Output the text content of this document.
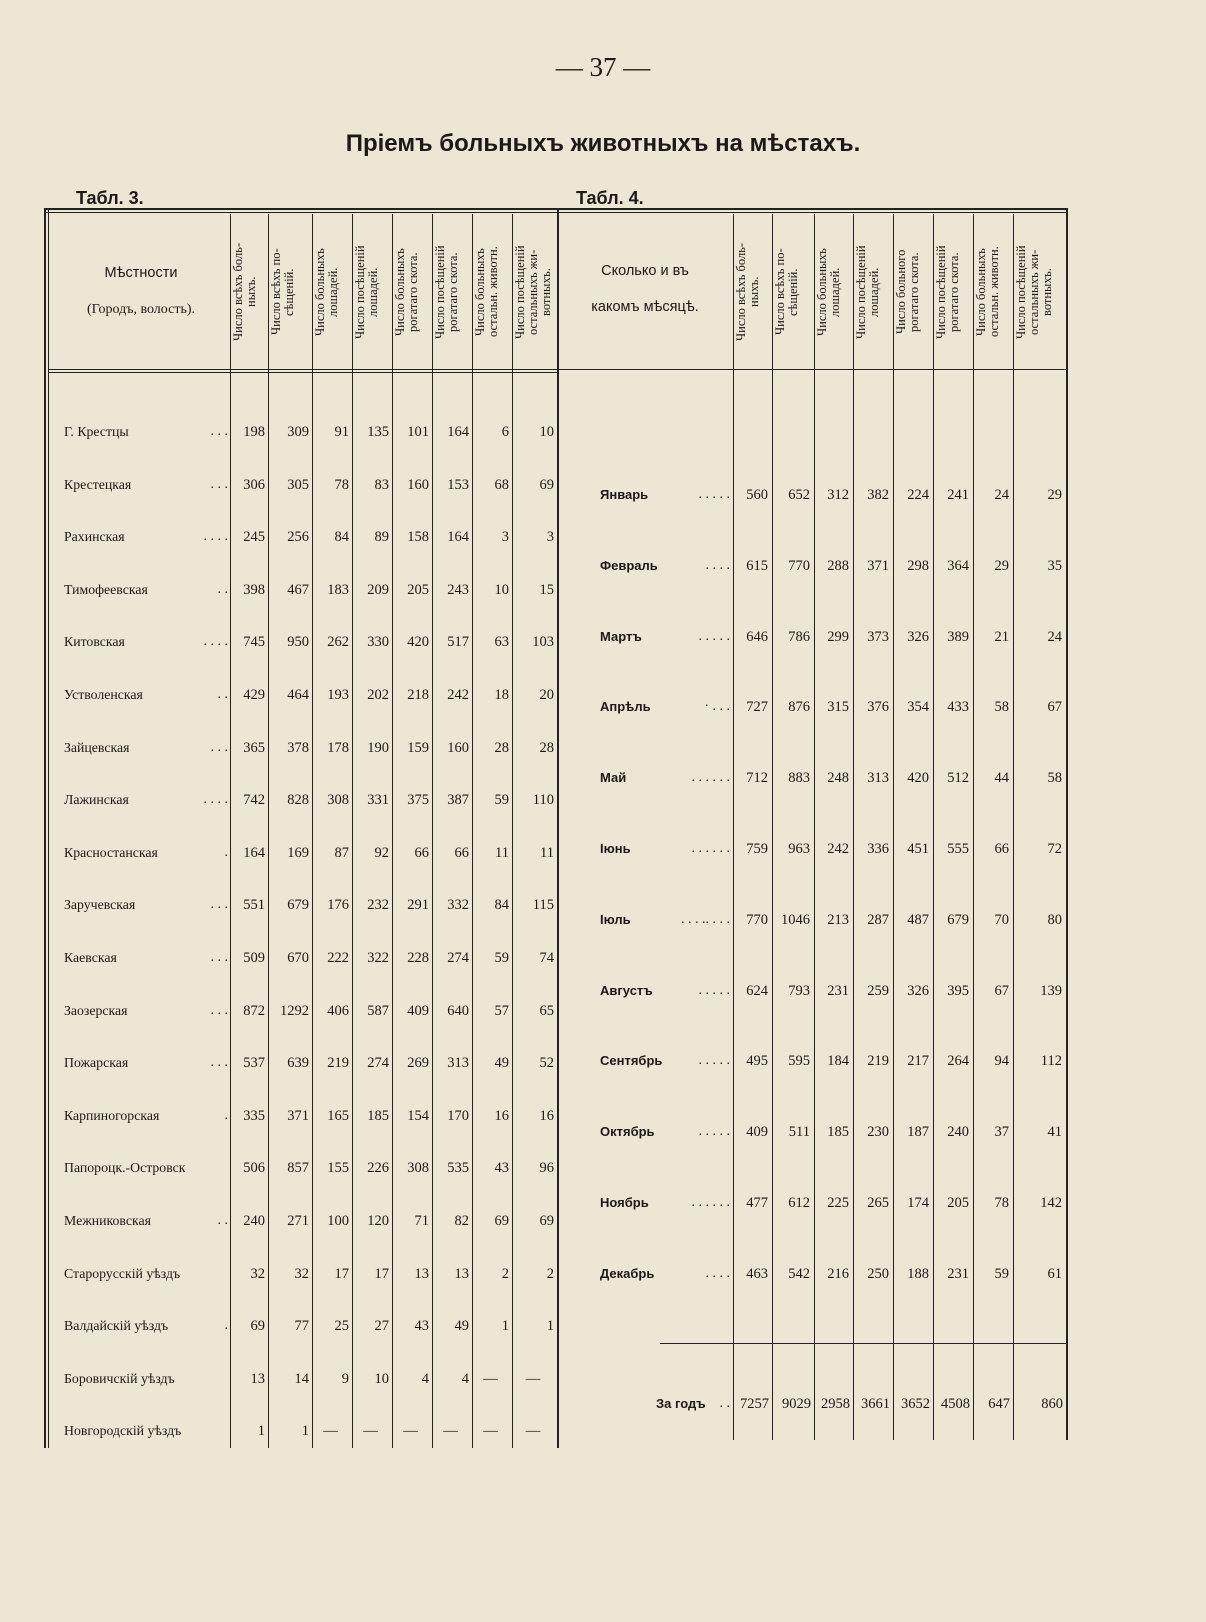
— 37 —
Пріемъ больныхъ животныхъ на мѣстахъ.
Табл. 3.	Табл. 4.
Мѣстности
(Городъ, волость).	Число всѣхъ боль-
ныхъ.
Число всѣхъ по-
сѣщеній.
Число больныхъ
лошадей.
Число посѣщеній
лошадей.
Число больныхъ
рогатаго скота.
Число посѣщеній
рогатаго скота.
Число больныхъ
остальн. животн.
Число посѣщеній
остальныхъ жи-
вотныхъ.
Г. Крестцы	. . .	198	309	91	135	101	164	6	10
Крестецкая	. . .	306	305	78	83	160	153	68	69
Рахинская	. . . .	245	256	84	89	158	164	3	3
Тимофеевская	. .	398	467	183	209	205	243	10	15
Китовская	. . . .	745	950	262	330	420	517	63	103
Устволенская	. .	429	464	193	202	218	242	18	20
Зайцевская	. . .	365	378	178	190	159	160	28	28
Лажинская	. . . .	742	828	308	331	375	387	59	110
Красностанская	.	164	169	87	92	66	66	11	11
Заручевская	. . .	551	679	176	232	291	332	84	115
Каевская	. . .	509	670	222	322	228	274	59	74
Заозерская	. . .	872	1292	406	587	409	640	57	65
Пожарская	. . .	537	639	219	274	269	313	49	52
Карпиногорская	.	335	371	165	185	154	170	16	16
Папороцк.-Островск	506	857	155	226	308	535	43	96
Межниковская	. .	240	271	100	120	71	82	69	69
Старорусскій уѣздъ	32	32	17	17	13	13	2	2
Валдайскій уѣздъ	.	69	77	25	27	43	49	1	1
Боровичскій уѣздъ	13	14	9	10	4	4 —	—
Новгородскій уѣздъ	1	1 —	—	—	—	—	—
Сколько и въ
какомъ мѣсяцѣ.
Число всѣхъ боль-
ныхъ.
Число всѣхъ по-
сѣщеній.
Число больныхъ
лошадей.
Число посѣщеній
лошадей.
Число больного
рогатаго скота.
Число посѣщеній
рогатаго скота.
Число больныхъ
остальн. животн.
Число посѣщеній
остальныхъ жи-
вотныхъ.
Январь	. . . . .	560	652	312	382	224	241	24	29
Февраль	. . . .	615	770	288	371	298	364	29	35
Мартъ	. . . . .	646	786	299	373	326	389	21	24
Апрѣль	· . . .	727	876	315	376	354	433	58	67
Май	. . . . . .	712	883	248	313	420	512	44	58
Іюнь	. . . . . .	759	963	242	336	451	555	66	72
Іюль	. . . .. . . .	770 1046	213	287	487	679	70	80
Августъ	. . . . .	624	793	231	259	326	395	67	139
Сентябрь	. . . . .	495	595	184	219	217	264	94	112
Октябрь	. . . . .	409	511	185	230	187	240	37	41
Ноябрь	. . . . . .	477	612	225	265	174	205	78	142
Декабрь	. . . .	463	542	216	250	188	231	59	61
За годъ . . 7257 9029 2958 3661 3652 4508	647	860
